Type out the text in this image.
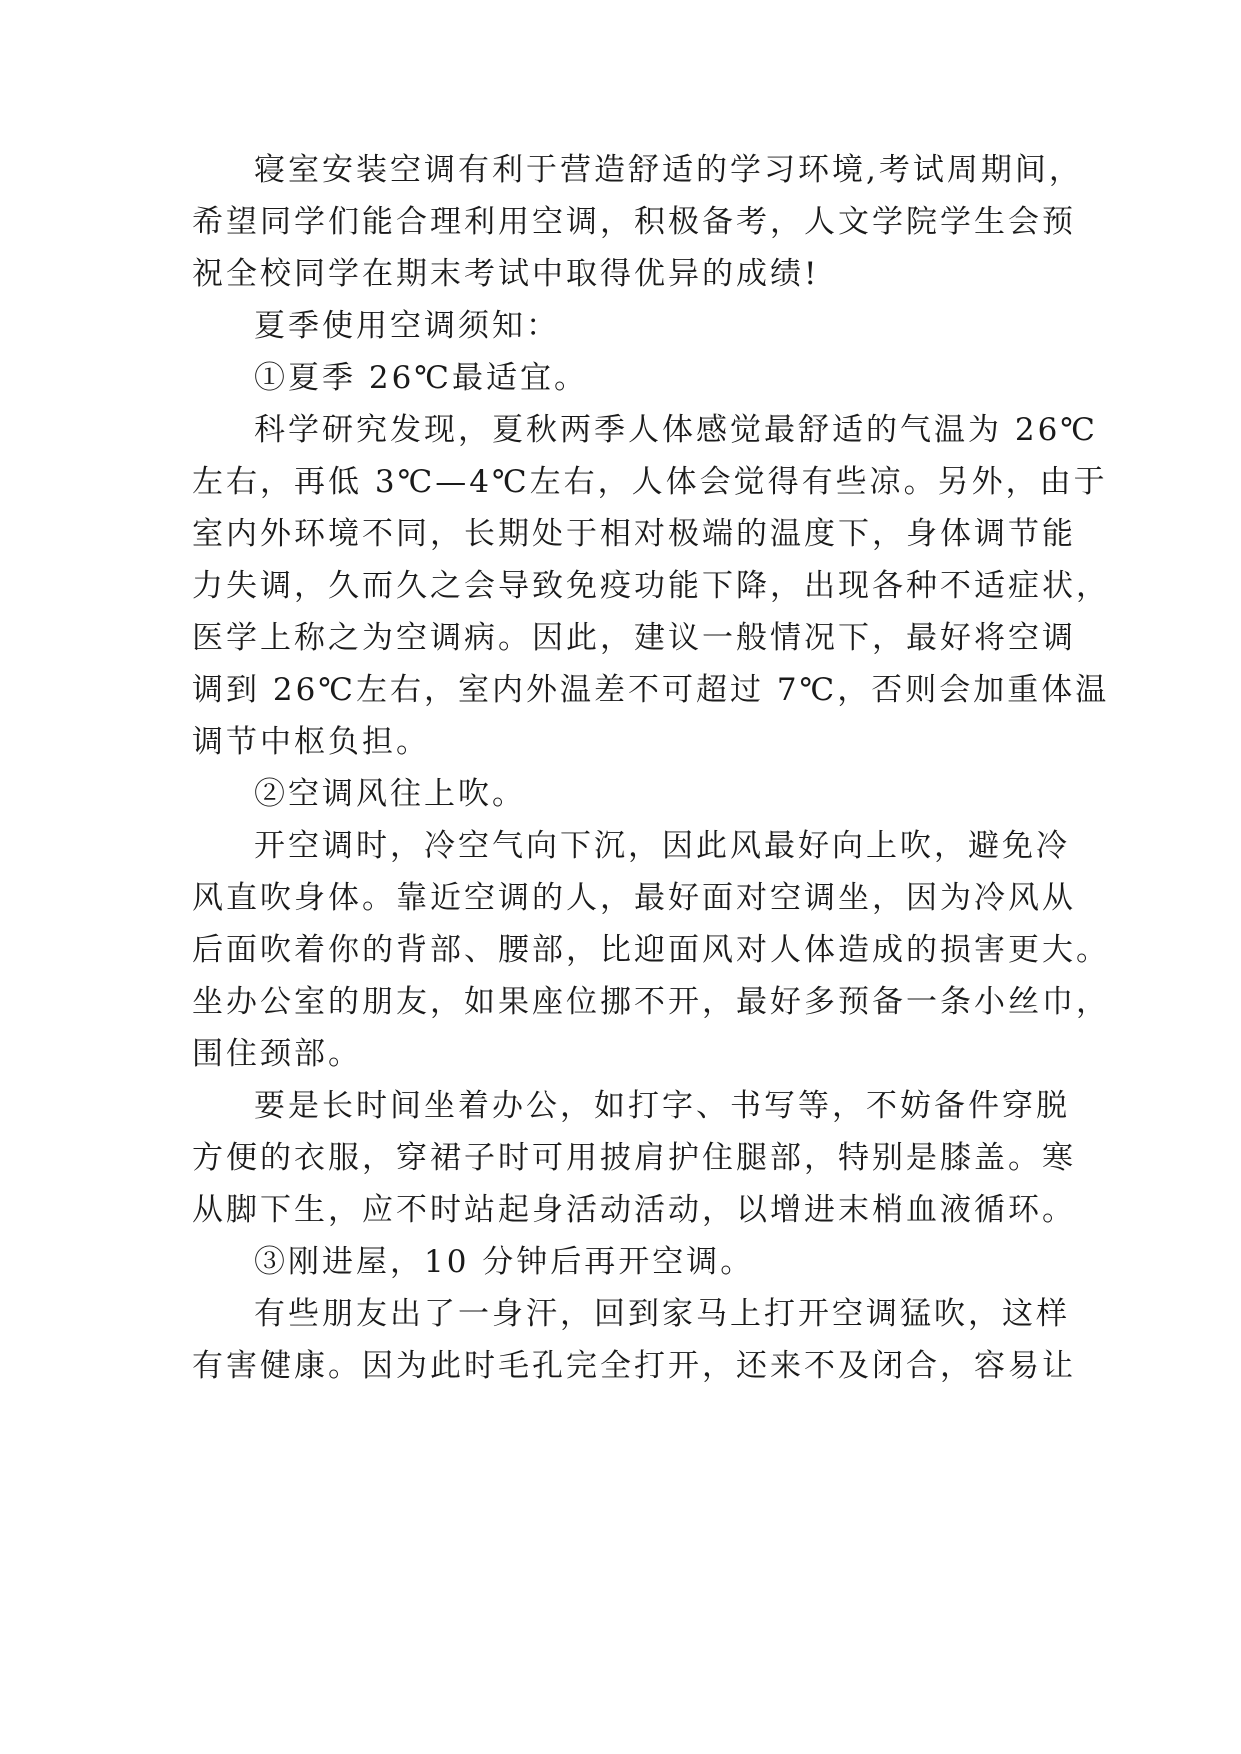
寝室安装空调有利于营造舒适的学习环境,考试周期间，
希望同学们能合理利用空调，积极备考，人文学院学生会预
祝全校同学在期末考试中取得优异的成绩!
夏季使用空调须知：
①夏季 26℃最适宜。
科学研究发现，夏秋两季人体感觉最舒适的气温为 26℃
左右，再低 3℃—4℃左右，人体会觉得有些凉。另外，由于
室内外环境不同，长期处于相对极端的温度下，身体调节能
力失调，久而久之会导致免疫功能下降，出现各种不适症状，
医学上称之为空调病。因此，建议一般情况下，最好将空调
调到 26℃左右，室内外温差不可超过 7℃，否则会加重体温
调节中枢负担。
②空调风往上吹。
开空调时，冷空气向下沉，因此风最好向上吹，避免冷
风直吹身体。靠近空调的人，最好面对空调坐，因为冷风从
后面吹着你的背部、腰部，比迎面风对人体造成的损害更大。
坐办公室的朋友，如果座位挪不开，最好多预备一条小丝巾，
围住颈部。
要是长时间坐着办公，如打字、书写等，不妨备件穿脱
方便的衣服，穿裙子时可用披肩护住腿部，特别是膝盖。寒
从脚下生，应不时站起身活动活动，以增进末梢血液循环。
③刚进屋，10 分钟后再开空调。
有些朋友出了一身汗，回到家马上打开空调猛吹，这样
有害健康。因为此时毛孔完全打开，还来不及闭合，容易让
